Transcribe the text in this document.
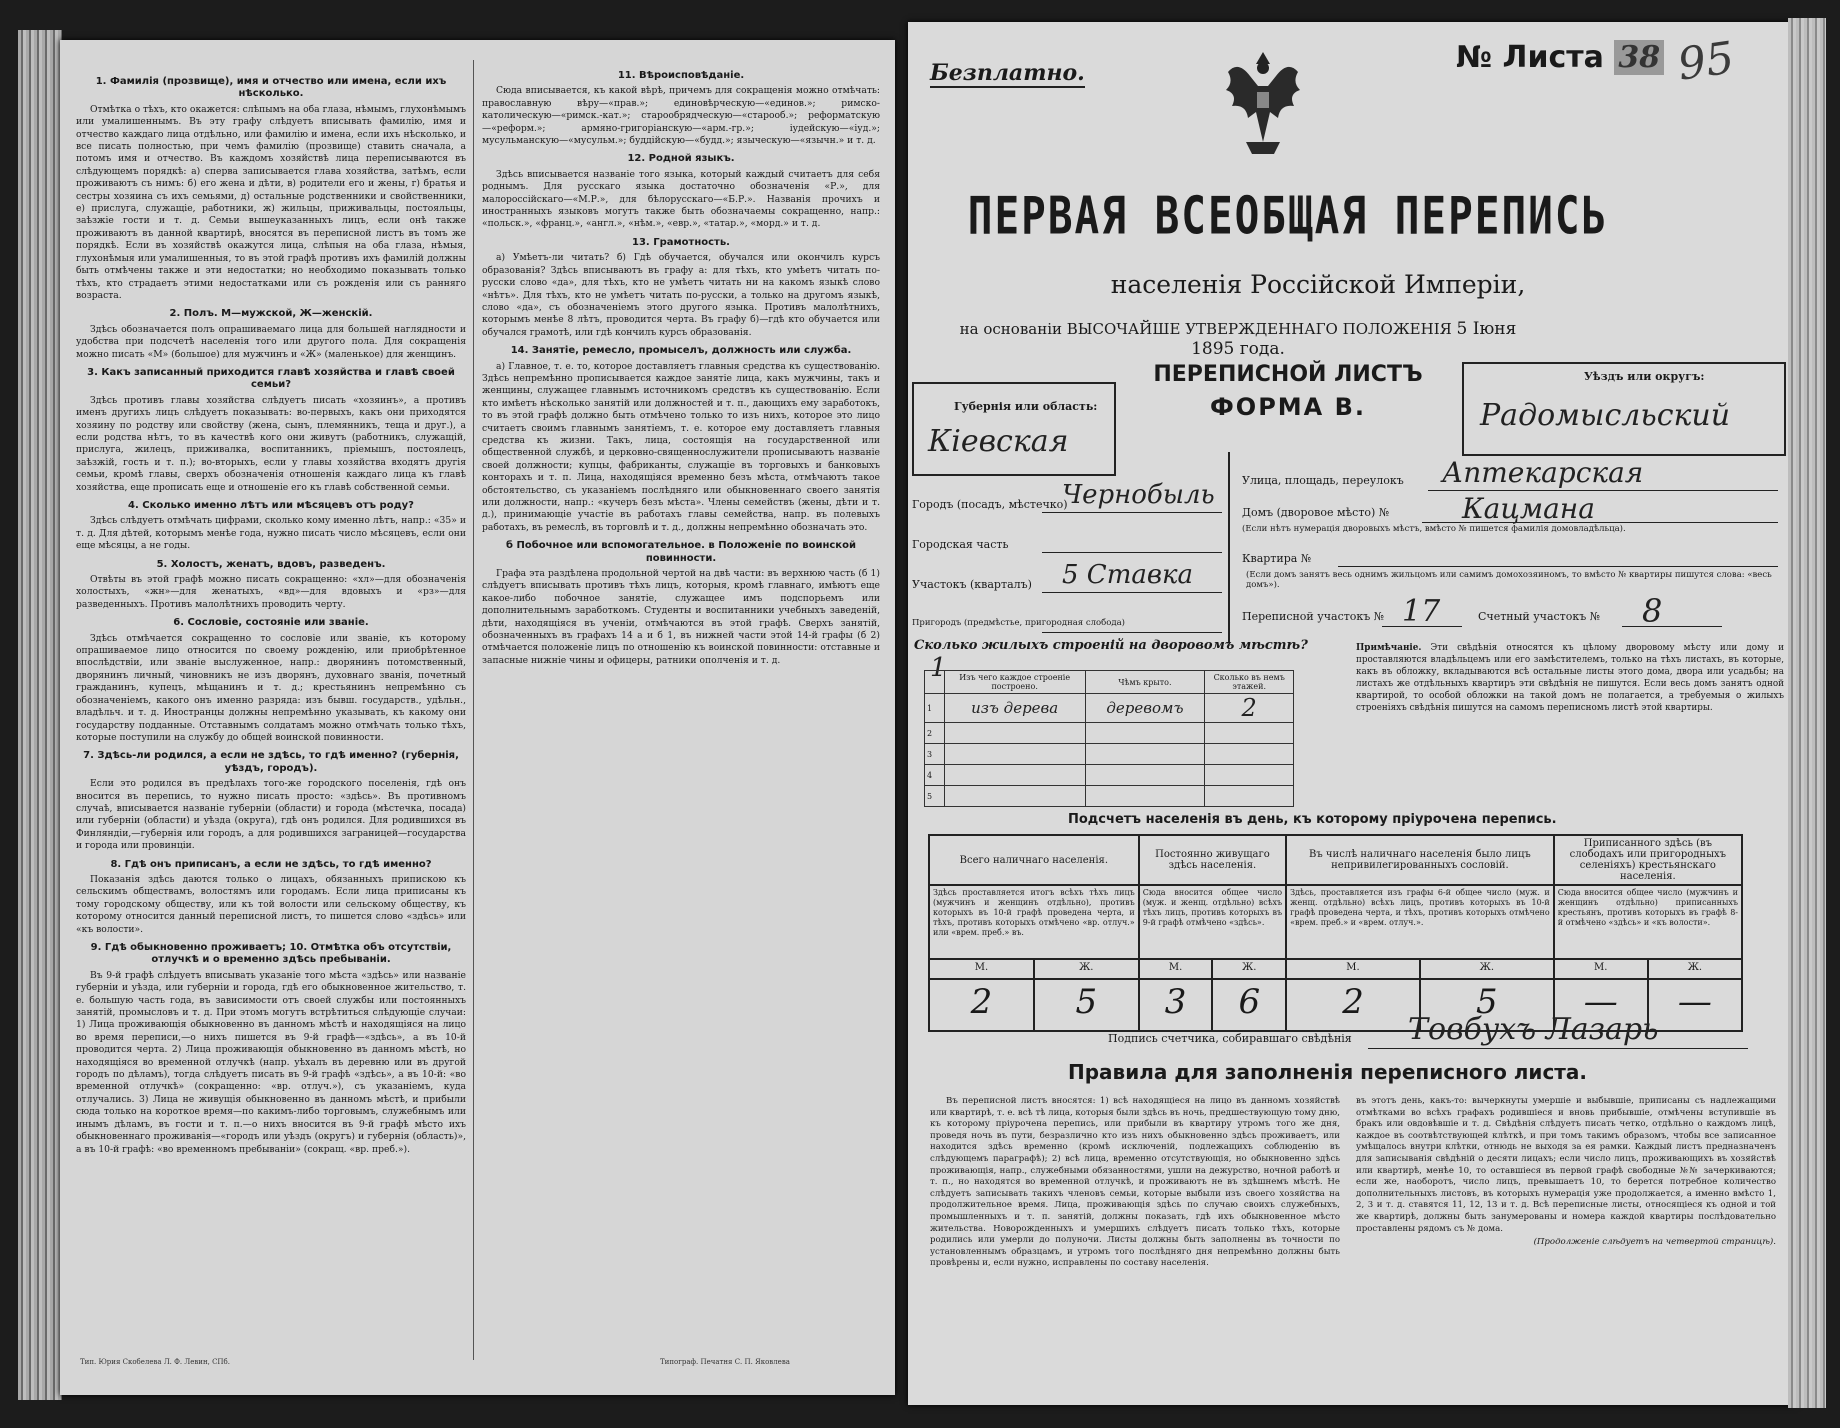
1. Фамилія (прозвище), имя и отчество или имена, если ихъ нѣсколько.

Отмѣтка о тѣхъ, кто окажется: слѣпымъ на оба глаза, нѣмымъ, глухонѣмымъ или умалишеннымъ. Въ эту графу слѣдуетъ вписывать фамилію, имя и отчество каждаго лица отдѣльно, или фамилію и имена, если ихъ нѣсколько, и все писать полностью, при чемъ фамилію (прозвище) ставить сначала, а потомъ имя и отчество. Въ каждомъ хозяйствѣ лица переписываются въ слѣдующемъ порядкѣ: а) сперва записывается глава хозяйства, затѣмъ, если проживаютъ съ нимъ: б) его жена и дѣти, в) родители его и жены, г) братья и сестры хозяина съ ихъ семьями, д) остальные родственники и свойственники, е) прислуга, служащіе, работники, ж) жильцы, приживальцы, постояльцы, заѣзжіе гости и т. д. Семьи вышеуказанныхъ лицъ, если онѣ также проживаютъ въ данной квартирѣ, вносятся въ переписной листъ въ томъ же порядкѣ. Если въ хозяйствѣ окажутся лица, слѣпыя на оба глаза, нѣмыя, глухонѣмыя или умалишенныя, то въ этой графѣ противъ ихъ фамилій должны быть отмѣчены также и эти недостатки; но необходимо показывать только тѣхъ, кто страдаетъ этими недостатками или съ рожденія или съ ранняго возраста.

2. Полъ. М—мужской, Ж—женскій.

Здѣсь обозначается полъ опрашиваемаго лица для большей наглядности и удобства при подсчетѣ населенія того или другого пола. Для сокращенія можно писать «М» (большое) для мужчинъ и «Ж» (маленькое) для женщинъ.

3. Какъ записанный приходится главѣ хозяйства и главѣ своей семьи?

Здѣсь противъ главы хозяйства слѣдуетъ писать «хозяинъ», а противъ именъ другихъ лицъ слѣдуетъ показывать: во-первыхъ, какъ они приходятся хозяину по родству или свойству (жена, сынъ, племянникъ, теща и друг.), а если родства нѣтъ, то въ качествѣ кого они живутъ (работникъ, служащій, прислуга, жилецъ, приживалка, воспитанникъ, пріемышъ, постоялецъ, заѣзжій, гость и т. п.); во-вторыхъ, если у главы хозяйства входятъ другія семьи, кромѣ главы, сверхъ обозначенія отношенія каждаго лица къ главѣ хозяйства, еще прописать еще и отношеніе его къ главѣ собственной семьи.

4. Сколько именно лѣтъ или мѣсяцевъ отъ роду?

Здѣсь слѣдуетъ отмѣчать цифрами, сколько кому именно лѣтъ, напр.: «35» и т. д. Для дѣтей, которымъ менѣе года, нужно писать число мѣсяцевъ, если они еще мѣсяцы, а не годы.

5. Холостъ, женатъ, вдовъ, разведенъ.

Отвѣты въ этой графѣ можно писать сокращенно: «хл»—для обозначенія холостыхъ, «жн»—для женатыхъ, «вд»—для вдовыхъ и «рз»—для разведенныхъ. Противъ малолѣтнихъ проводить черту.

6. Сословіе, состояніе или званіе.

Здѣсь отмѣчается сокращенно то сословіе или званіе, къ которому опрашиваемое лицо относится по своему рожденію, или приобрѣтенное впослѣдствіи, или званіе выслуженное, напр.: дворянинъ потомственный, дворянинъ личный, чиновникъ не изъ дворянъ, духовнаго званія, почетный гражданинъ, купецъ, мѣщанинъ и т. д.; крестьянинъ непремѣнно съ обозначеніемъ, какого онъ именно разряда: изъ бывш. государств., удѣльн., владѣльч. и т. д. Иностранцы должны непремѣнно указывать, къ какому они государству подданные. Отставнымъ солдатамъ можно отмѣчать только тѣхъ, которые поступили на службу до общей воинской повинности.

7. Здѣсь-ли родился, а если не здѣсь, то гдѣ именно? (губернія, уѣздъ, городъ).

Если это родился въ предѣлахъ того-же городского поселенія, гдѣ онъ вносится въ перепись, то нужно писать просто: «здѣсь». Въ противномъ случаѣ, вписывается названіе губерніи (области) и города (мѣстечка, посада) или губерніи (области) и уѣзда (округа), гдѣ онъ родился. Для родившихся въ Финляндіи,—губернія или городъ, а для родившихся заграницей—государства и города или провинціи.

8. Гдѣ онъ приписанъ, а если не здѣсь, то гдѣ именно?

Показанія здѣсь даются только о лицахъ, обязанныхъ припискою къ сельскимъ обществамъ, волостямъ или городамъ. Если лица приписаны къ тому городскому обществу, или къ той волости или сельскому обществу, къ которому относится данный переписной листъ, то пишется слово «здѣсь» или «къ волости».

9. Гдѣ обыкновенно проживаетъ; 10. Отмѣтка объ отсутствіи, отлучкѣ и о временно здѣсь пребываніи.

Въ 9-й графѣ слѣдуетъ вписывать указаніе того мѣста «здѣсь» или названіе губерніи и уѣзда, или губерніи и города, гдѣ его обыкновенное жительство, т. е. большую часть года, въ зависимости отъ своей службы или постоянныхъ занятій, промысловъ и т. д. При этомъ могутъ встрѣтиться слѣдующіе случаи: 1) Лица проживающія обыкновенно въ данномъ мѣстѣ и находящіяся на лицо во время переписи,—о нихъ пишется въ 9-й графѣ—«здѣсь», а въ 10-й проводится черта. 2) Лица проживающія обыкновенно въ данномъ мѣстѣ, но находящіяся во временной отлучкѣ (напр. уѣхалъ въ деревню или въ другой городъ по дѣламъ), тогда слѣдуетъ писать въ 9-й графѣ «здѣсь», а въ 10-й: «во временной отлучкѣ» (сокращенно: «вр. отлуч.»), съ указаніемъ, куда отлучались. 3) Лица не живущія обыкновенно въ данномъ мѣстѣ, и прибыли сюда только на короткое время—по какимъ-либо торговымъ, служебнымъ или инымъ дѣламъ, въ гости и т. п.—о нихъ вносится въ 9-й графѣ мѣсто ихъ обыкновеннаго проживанія—«городъ или уѣздъ (округъ) и губернія (область)», а въ 10-й графѣ: «во временномъ пребываніи» (сокращ. «вр. преб.»).

11. Вѣроисповѣданіе.

Сюда вписывается, къ какой вѣрѣ, причемъ для сокращенія можно отмѣчать: православную вѣру—«прав.»; единовѣрческую—«единов.»; римско-католическую—«римск.-кат.»; старообрядческую—«старооб.»; реформатскую—«реформ.»; армяно-григоріанскую—«арм.-гр.»; іудейскую—«іуд.»; мусульманскую—«мусульм.»; буддійскую—«будд.»; языческую—«язычн.» и т. д.

12. Родной языкъ.

Здѣсь вписывается названіе того языка, который каждый считаетъ для себя роднымъ. Для русскаго языка достаточно обозначенія «Р.», для малороссійскаго—«М.Р.», для бѣлорусскаго—«Б.Р.». Названія прочихъ и иностранныхъ языковъ могутъ также быть обозначаемы сокращенно, напр.: «польск.», «франц.», «англ.», «нѣм.», «евр.», «татар.», «морд.» и т. д.

13. Грамотность.

а) Умѣетъ-ли читать? б) Гдѣ обучается, обучался или окончилъ курсъ образованія? Здѣсь вписываютъ въ графу а: для тѣхъ, кто умѣетъ читать по-русски слово «да», для тѣхъ, кто не умѣетъ читать ни на какомъ языкѣ слово «нѣтъ». Для тѣхъ, кто не умѣетъ читать по-русски, а только на другомъ языкѣ, слово «да», съ обозначеніемъ этого другого языка. Противъ малолѣтнихъ, которымъ менѣе 8 лѣтъ, проводится черта. Въ графу б)—гдѣ кто обучается или обучался грамотѣ, или гдѣ кончилъ курсъ образованія.

14. Занятіе, ремесло, промыселъ, должность или служба.

а) Главное, т. е. то, которое доставляетъ главныя средства къ существованію. Здѣсь непремѣнно прописывается каждое занятіе лица, какъ мужчины, такъ и женщины, служащее главнымъ источникомъ средствъ къ существованію. Если кто имѣетъ нѣсколько занятій или должностей и т. п., дающихъ ему заработокъ, то въ этой графѣ должно быть отмѣчено только то изъ нихъ, которое это лицо считаетъ своимъ главнымъ занятіемъ, т. е. которое ему доставляетъ главныя средства къ жизни. Такъ, лица, состоящія на государственной или общественной службѣ, и церковно-священнослужители прописываютъ названіе своей должности; купцы, фабриканты, служащіе въ торговыхъ и банковыхъ конторахъ и т. п. Лица, находящіяся временно безъ мѣста, отмѣчаютъ такое обстоятельство, съ указаніемъ послѣдняго или обыкновеннаго своего занятія или должности, напр.: «кучеръ безъ мѣста». Члены семействъ (жены, дѣти и т. д.), принимающіе участіе въ работахъ главы семейства, напр. въ полевыхъ работахъ, въ ремеслѣ, въ торговлѣ и т. д., должны непремѣнно обозначать это.

б Побочное или вспомогательное. в Положеніе по воинской повинности.

Графа эта раздѣлена продольной чертой на двѣ части: въ верхнюю часть (б 1) слѣдуетъ вписывать противъ тѣхъ лицъ, которыя, кромѣ главнаго, имѣютъ еще какое-либо побочное занятіе, служащее имъ подспорьемъ или дополнительнымъ заработкомъ. Студенты и воспитанники учебныхъ заведеній, дѣти, находящіяся въ ученіи, отмѣчаются въ этой графѣ. Сверхъ занятій, обозначенныхъ въ графахъ 14 а и б 1, въ нижней части этой 14-й графы (б 2) отмѣчается положеніе лицъ по отношенію къ воинской повинности: отставные и запасные нижніе чины и офицеры, ратники ополченія и т. д.

Тип. Юрия Скобелева Л. Ф. Левин, СПб.	Типограф. Печатня С. П. Яковлева
Безплатно.	№ Листа 38 95
ПЕРВАЯ ВСЕОБЩАЯ ПЕРЕПИСЬ
населенія Россійской Имперіи,
на основаніи ВЫСОЧАЙШЕ УТВЕРЖДЕННАГО ПОЛОЖЕНІЯ 5 Іюня 1895 года.
Губернія или область:
Кiевская
ПЕРЕПИСНОЙ ЛИСТЪ
ФОРМА В.
Уѣздъ или округъ:
Радомысльский
Городъ (посадъ, мѣстечко)
Чернобыль
Городская часть
Участокъ (кварталъ) 5 Ставка
Пригородъ (предмѣстье, пригородная слобода)
Улица, площадь, переулокъ Аптекарская
Домъ (дворовое мѣсто) №	Кацмана
(Если нѣтъ нумерація дворовыхъ мѣстъ, вмѣсто № пишется фамилія домовладѣльца).
Квартира №
(Если домъ занятъ весь однимъ жильцомъ или самимъ домохозяиномъ, то вмѣсто № квартиры пишутся слова: «весь домъ»).
Переписной участокъ № 17	Счетный участокъ № 8
Сколько жилыхъ строеній на дворовомъ мѣстѣ? 1
		Изъ чего каждое строеніе построено.	Чѣмъ крыто.	Сколько въ немъ этажей.
1	изъ дерева	деревомъ	2
2			
3			
4			
5			
Примѣчаніе. Эти свѣдѣнія относятся къ цѣлому дворовому мѣсту или дому и проставляются владѣльцемъ или его замѣстителемъ, только на тѣхъ листахъ, въ которые, какъ въ обложку, вкладываются всѣ остальные листы этого дома, двора или усадьбы; на листахъ же отдѣльныхъ квартиръ эти свѣдѣнія не пишутся. Если весь домъ занятъ одной квартирой, то особой обложки на такой домъ не полагается, а требуемыя о жилыхъ строеніяхъ свѣдѣнія пишутся на самомъ переписномъ листѣ этой квартиры.
Подсчетъ населенія въ день, къ которому пріурочена перепись.
Всего наличнаго населенія.		Постоянно живущаго здѣсь населенія.		Въ числѣ наличнаго населенія было лицъ непривилегированныхъ сословій.		Приписанного здѣсь (въ слободахъ или пригородныхъ селеніяхъ) крестьянскаго населенія.	
Здѣсь проставляется итогъ всѣхъ тѣхъ лицъ (мужчинъ и женщинъ отдѣльно), противъ которыхъ въ 10-й графѣ проведена черта, и тѣхъ, противъ которыхъ отмѣчено «вр. отлуч.» или «врем. преб.» въ.		Сюда вносится общее число (муж. и женщ. отдѣльно) всѣхъ тѣхъ лицъ, противъ которыхъ въ 9-й графѣ отмѣчено «здѣсь».		Здѣсь, проставляется изъ графы 6-й общее число (муж. и женщ. отдѣльно) всѣхъ лицъ, противъ которыхъ въ 10-й графѣ проведена черта, и тѣхъ, противъ которыхъ отмѣчено «врем. преб.» и «врем. отлуч.».		Сюда вносится общее число (мужчинъ и женщинъ отдѣльно) приписанныхъ крестьянъ, противъ которыхъ въ графѣ 8-й отмѣчено «здѣсь» и «къ волости».	
М.	Ж.	М.	Ж.	М.	Ж.	М.	Ж.
2	5	3	6	2	5	—	—
Подпись счетчика, собиравшаго свѣдѣнія Товбухъ Лазарь
Правила для заполненія переписного листа.
Въ переписной листъ вносятся: 1) всѣ находящіеся на лицо въ данномъ хозяйствѣ или квартирѣ, т. е. всѣ тѣ лица, которыя были здѣсь въ ночь, предшествующую тому дню, къ которому пріурочена перепись, или прибыли въ квартиру утромъ того же дня, проведя ночь въ пути, безразлично кто изъ нихъ обыкновенно здѣсь проживаетъ, или находится здѣсь временно (кромѣ исключеній, подлежащихъ соблюденію въ слѣдующемъ параграфѣ); 2) всѣ лица, временно отсутствующія, но обыкновенно здѣсь проживающія, напр., служебными обязанностями, ушли на дежурство, ночной работѣ и т. п., но находятся во временной отлучкѣ, и проживаютъ не въ здѣшнемъ мѣстѣ. Не слѣдуетъ записывать такихъ членовъ семьи, которые выбыли изъ своего хозяйства на продолжительное время. Лица, проживающія здѣсь по случаю своихъ служебныхъ, промышленныхъ и т. п. занятій, должны показать, гдѣ ихъ обыкновенное мѣсто жительства. Новорожденныхъ и умершихъ слѣдуетъ писать только тѣхъ, которые родились или умерли до полуночи. Листы должны быть заполнены въ точности по установленнымъ образцамъ, и утромъ того послѣдняго дня непремѣнно должны быть провѣрены и, если нужно, исправлены по составу населенія.
въ этотъ день, какъ-то: вычеркнуты умершіе и выбывшіе, приписаны съ надлежащими отмѣтками во всѣхъ графахъ родившіеся и вновь прибывшіе, отмѣчены вступившіе въ бракъ или овдовѣвшіе и т. д. Свѣдѣнія слѣдуетъ писать четко, отдѣльно о каждомъ лицѣ, каждое въ соотвѣтствующей клѣткѣ, и при томъ такимъ образомъ, чтобы все записанное умѣщалось внутри клѣтки, отнюдь не выходя за ея рамки. Каждый листъ предназначенъ для записыванія свѣдѣній о десяти лицахъ; если число лицъ, проживающихъ въ хозяйствѣ или квартирѣ, менѣе 10, то оставшіеся въ первой графѣ свободные №№ зачеркиваются; если же, наоборотъ, число лицъ, превышаетъ 10, то берется потребное количество дополнительныхъ листовъ, въ которыхъ нумерація уже продолжается, а именно вмѣсто 1, 2, 3 и т. д. ставятся 11, 12, 13 и т. д. Всѣ переписные листы, относящіеся къ одной и той же квартирѣ, должны быть занумерованы и номера каждой квартиры послѣдовательно проставлены рядомъ съ № дома.
(Продолженіе слѣдуетъ на четвертой страницѣ).
